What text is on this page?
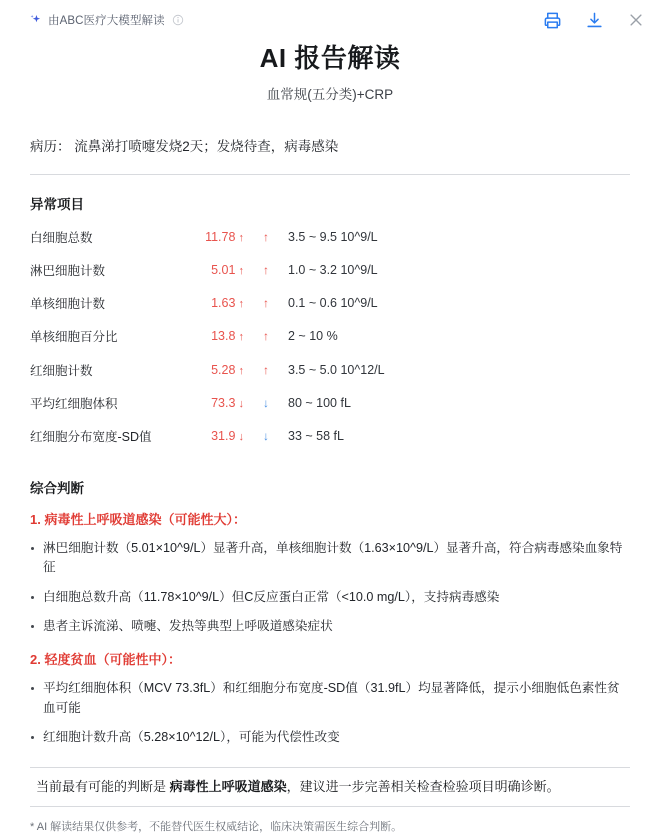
由ABC医疗大模型解读
AI 报告解读
血常规(五分类)+CRP
病历： 流鼻涕打喷嚏发烧2天；发烧待查，病毒感染
异常项目
白细胞总数	11.78 ↑	↑	3.5 ~ 9.5 10^9/L
淋巴细胞计数	5.01 ↑	↑	1.0 ~ 3.2 10^9/L
单核细胞计数	1.63 ↑	↑	0.1 ~ 0.6 10^9/L
单核细胞百分比	13.8 ↑	↑	2 ~ 10 %
红细胞计数	5.28 ↑	↑	3.5 ~ 5.0 10^12/L
平均红细胞体积	73.3 ↓	↓	80 ~ 100 fL
红细胞分布宽度-SD值	31.9 ↓	↓	33 ~ 58 fL
综合判断
1. 病毒性上呼吸道感染（可能性大）：
淋巴细胞计数（5.01×10^9/L）显著升高，单核细胞计数（1.63×10^9/L）显著升高，符合病毒感染血象特征
白细胞总数升高（11.78×10^9/L）但C反应蛋白正常（<10.0 mg/L），支持病毒感染
患者主诉流涕、喷嚏、发热等典型上呼吸道感染症状
2. 轻度贫血（可能性中）：
平均红细胞体积（MCV 73.3fL）和红细胞分布宽度-SD值（31.9fL）均显著降低，提示小细胞低色素性贫血可能
红细胞计数升高（5.28×10^12/L），可能为代偿性改变
当前最有可能的判断是 病毒性上呼吸道感染，建议进一步完善相关检查检验项目明确诊断。
* AI 解读结果仅供参考，不能替代医生权威结论，临床决策需医生综合判断。
